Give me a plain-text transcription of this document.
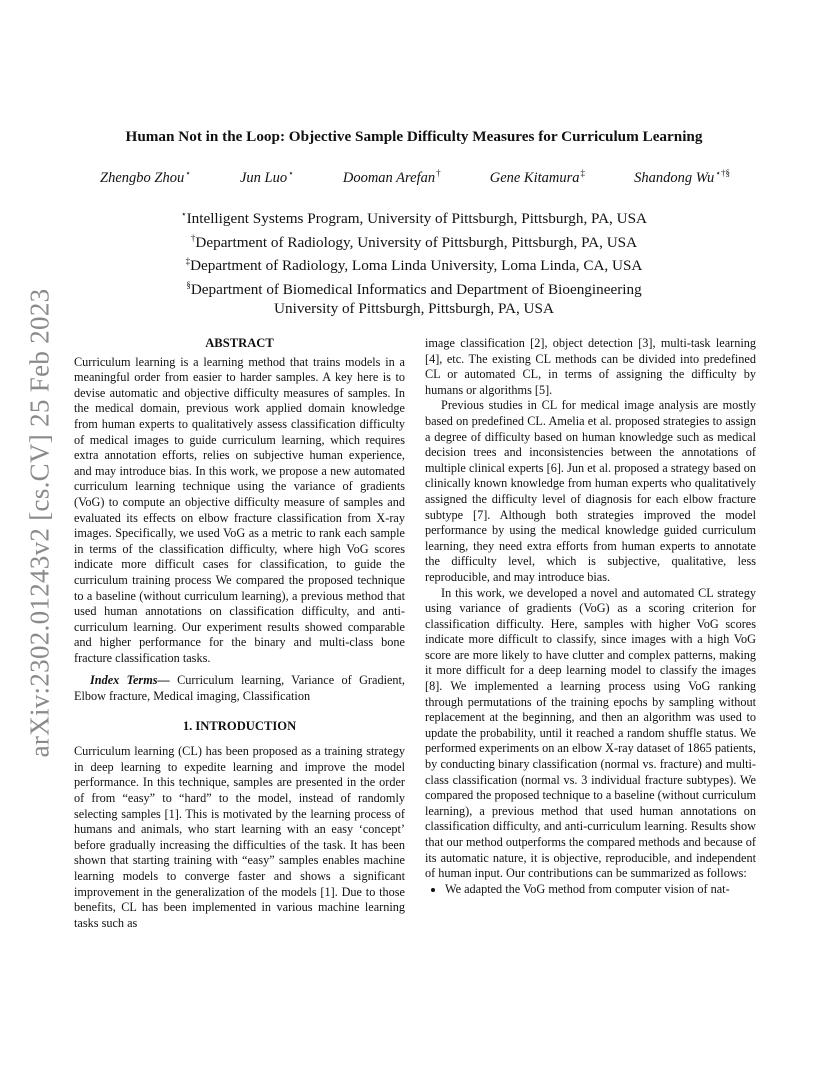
arXiv:2302.01243v2 [cs.CV] 25 Feb 2023
Human Not in the Loop: Objective Sample Difficulty Measures for Curriculum Learning
Zhengbo Zhou⋆	Jun Luo⋆	Dooman Arefan†	Gene Kitamura‡	Shandong Wu⋆†§
⋆Intelligent Systems Program, University of Pittsburgh, Pittsburgh, PA, USA
†Department of Radiology, University of Pittsburgh, Pittsburgh, PA, USA
‡Department of Radiology, Loma Linda University, Loma Linda, CA, USA
§Department of Biomedical Informatics and Department of Bioengineering
University of Pittsburgh, Pittsburgh, PA, USA
ABSTRACT

Curriculum learning is a learning method that trains models in a meaningful order from easier to harder samples. A key here is to devise automatic and objective difficulty measures of samples. In the medical domain, previous work applied domain knowledge from human experts to qualitatively assess classification difficulty of medical images to guide curriculum learning, which requires extra annotation efforts, relies on subjective human experience, and may introduce bias. In this work, we propose a new automated curriculum learning technique using the variance of gradients (VoG) to compute an objective difficulty measure of samples and evaluated its effects on elbow fracture classification from X-ray images. Specifically, we used VoG as a metric to rank each sample in terms of the classification difficulty, where high VoG scores indicate more difficult cases for classification, to guide the curriculum training process We compared the proposed technique to a baseline (without curriculum learning), a previous method that used human annotations on classification difficulty, and anti-curriculum learning. Our experiment results showed comparable and higher performance for the binary and multi-class bone fracture classification tasks.

Index Terms— Curriculum learning, Variance of Gradient, Elbow fracture, Medical imaging, Classification

1. INTRODUCTION

Curriculum learning (CL) has been proposed as a training strategy in deep learning to expedite learning and improve the model performance. In this technique, samples are presented in the order of from “easy” to “hard” to the model, instead of randomly selecting samples [1]. This is motivated by the learning process of humans and animals, who start learning with an easy ‘concept’ before gradually increasing the difficulties of the task. It has been shown that starting training with “easy” samples enables machine learning models to converge faster and shows a significant improvement in the generalization of the models [1]. Due to those benefits, CL has been implemented in various machine learning tasks such as

image classification [2], object detection [3], multi-task learning [4], etc. The existing CL methods can be divided into predefined CL or automated CL, in terms of assigning the difficulty by humans or algorithms [5].

Previous studies in CL for medical image analysis are mostly based on predefined CL. Amelia et al. proposed strategies to assign a degree of difficulty based on human knowledge such as medical decision trees and inconsistencies between the annotations of multiple clinical experts [6]. Jun et al. proposed a strategy based on clinically known knowledge from human experts who qualitatively assigned the difficulty level of diagnosis for each elbow fracture subtype [7]. Although both strategies improved the model performance by using the medical knowledge guided curriculum learning, they need extra efforts from human experts to annotate the difficulty level, which is subjective, qualitative, less reproducible, and may introduce bias.

In this work, we developed a novel and automated CL strategy using variance of gradients (VoG) as a scoring criterion for classification difficulty. Here, samples with higher VoG scores indicate more difficult to classify, since images with a high VoG score are more likely to have clutter and complex patterns, making it more difficult for a deep learning model to classify the images [8]. We implemented a learning process using VoG ranking through permutations of the training epochs by sampling without replacement at the beginning, and then an algorithm was used to update the probability, until it reached a random shuffle status. We performed experiments on an elbow X-ray dataset of 1865 patients, by conducting binary classification (normal vs. fracture) and multi-class classification (normal vs. 3 individual fracture subtypes). We compared the proposed technique to a baseline (without curriculum learning), a previous method that used human annotations on classification difficulty, and anti-curriculum learning. Results show that our method outperforms the compared methods and because of its automatic nature, it is objective, reproducible, and independent of human input. Our contributions can be summarized as follows:

• We adapted the VoG method from computer vision of nat-
